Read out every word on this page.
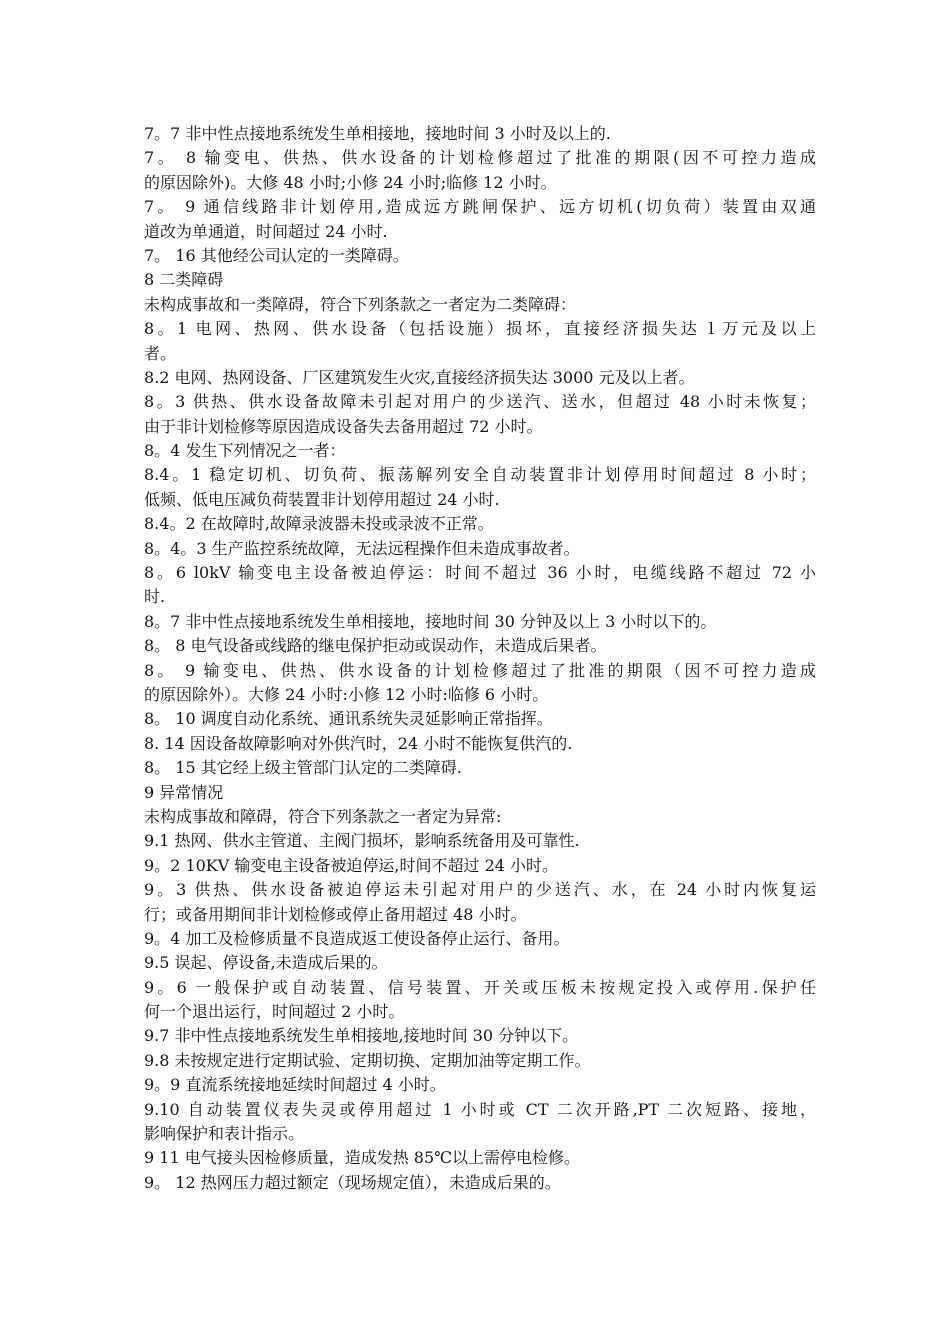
7。7 非中性点接地系统发生单相接地，接地时间 3 小时及以上的.
7。 8 输变电、供热、供水设备的计划检修超过了批准的期限(因不可控力造成
的原因除外)。大修 48 小时;小修 24 小时;临修 12 小时。
7。 9 通信线路非计划停用,造成远方跳闸保护、远方切机(切负荷）装置由双通
道改为单通道，时间超过 24 小时.
7。 16 其他经公司认定的一类障碍。
8 二类障碍
未构成事故和一类障碍，符合下列条款之一者定为二类障碍：
8。1 电网、热网、供水设备（包括设施）损坏，直接经济损失达 l 万元及以上
者。
8.2 电网、热网设备、厂区建筑发生火灾,直接经济损失达 3000 元及以上者。
8。3 供热、供水设备故障未引起对用户的少送汽、送水，但超过 48 小时未恢复；
由于非计划检修等原因造成设备失去备用超过 72 小时。
8。4 发生下列情况之一者：
8.4。1 稳定切机、切负荷、振荡解列安全自动装置非计划停用时间超过 8 小时；
低频、低电压减负荷装置非计划停用超过 24 小时.
8.4。2 在故障时,故障录波器未投或录波不正常。
8。4。3 生产监控系统故障，无法远程操作但未造成事故者。
8。6 l0kV 输变电主设备被迫停运：时间不超过 36 小时，电缆线路不超过 72 小
时.
8。7 非中性点接地系统发生单相接地，接地时间 30 分钟及以上 3 小时以下的。
8。 8 电气设备或线路的继电保护拒动或误动作，未造成后果者。
8。 9 输变电、供热、供水设备的计划检修超过了批准的期限（因不可控力造成
的原因除外）。大修 24 小时:小修 12 小时:临修 6 小时。
8。 10 调度自动化系统、通讯系统失灵延影响正常指挥。
8. 14 因设备故障影响对外供汽时，24 小时不能恢复供汽的.
8。 15 其它经上级主管部门认定的二类障碍.
9 异常情况
未构成事故和障碍，符合下列条款之一者定为异常:
9.1 热网、供水主管道、主阀门损坏，影响系统备用及可靠性.
9。2 10KV 输变电主设备被迫停运,时间不超过 24 小时。
9。3 供热、供水设备被迫停运未引起对用户的少送汽、水，在 24 小时内恢复运
行；或备用期间非计划检修或停止备用超过 48 小时。
9。4 加工及检修质量不良造成返工使设备停止运行、备用。
9.5 误起、停设备,未造成后果的。
9。6 一般保护或自动装置、信号装置、开关或压板未按规定投入或停用.保护任
何一个退出运行，时间超过 2 小时。
9.7 非中性点接地系统发生单相接地,接地时间 30 分钟以下。
9.8 未按规定进行定期试验、定期切换、定期加油等定期工作。
9。9 直流系统接地延续时间超过 4 小时。
9.10 自动装置仪表失灵或停用超过 1 小时或 CT 二次开路,PT 二次短路、接地，
影响保护和表计指示。
9 11 电气接头因检修质量，造成发热 85℃以上需停电检修。
9。 12 热网压力超过额定（现场规定值），未造成后果的。
